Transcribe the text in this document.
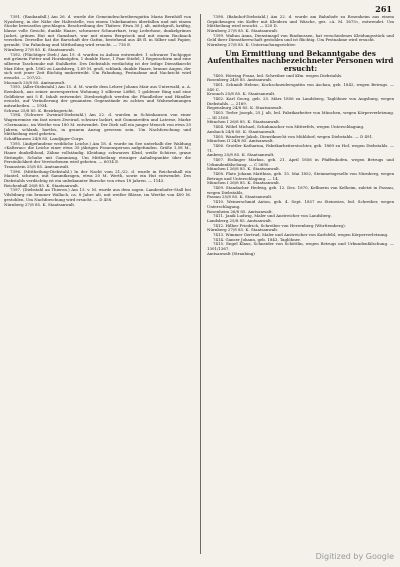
261

7391. (Raubanfall.) Am 26. d. wurde die Gemeindeschreibersgattin Maria Bernhöfl von Nyusberg, in der Nähe der Haltestelle, von einem Unbekannten überfallen und mit einem Stocke bewusstlos geschlagen. Beschreibung des Thäters: Etwa 30 J. alt, mittelgroß, kräftig, blasse volle Gesicht, dunkle Haare, schwarzer Schnurrbart, trug Lederhose, dunkelgrünes Jacket, grünen Hut mit Gamsbart, war mit einem Bergstock und mit einem Rucksack versehen. Derselbe hat die Barschaft der Gattin, bestehend aus 48 fl. in Silber und Papier, geraubt. Um Fahndung und Mittheilung wird ersucht. — 716 E.

Nürnberg 27/8 85. K. Staatsanwalt.

7392. (Flüchtiger Dieb.) Am 19. d. wurden in Aulsau entwendet: 1 schwarze Tuchjoppe mit grünem Futter und Hornknöpfen, 1 dunkle Hose, 1 Paar Stiefel, 1 Regenschirm und eine silberne Taschenuhr mit Stahlkette. Des Diebstahls verdächtig ist der ledige Dienstknecht Max Eder, geb. 1862 zu Landsberg, 1,69 M. groß, schlank, dunkle Haare, braune Augen, der sich seit jener Zeit flüchtig umhertreibt. Um Fahndung, Festnahme und Nachricht wird ersucht. — 107/22.

Moosach 25/8 85. Amtsanwalt.

7393. (Aller-Diebstahl.) Am 15. d. M. wurde dem Lehrer Johann Mair aus Unterwald, a. A. Ezenbach, aus seiner unversperrten Wohnung 3 silberne Löffel, 1 goldener Ring und eine Geldbörse mit 5 fl. Inhalt entwendet. Diesbezüglich werden die Pfandleiher und Händler ersucht, auf Veräußerung der genannten Gegenstände zu achten und Wahrnehmungen mitzutheilen. — 1934.

Schwaz 25/8 85. K. Bezirksgericht.

7394. (Schwere Zweirad-Diebstahl.) Am 22. d. wurden in Schönhausen von einer Wagenremise ein fast neues Zweirad, schwarz lackirt, mit Gummireifen und Laterne, Marke »Germania«, im Werthe von 180 M. entwendet. Der Dieb soll ein junger Mensch von etwa 20 Jahren, schlank, bartlos, in grauem Anzug gewesen sein. Um Nachforschung und Mittheilung wird gebeten.

Schaffhausen 24/8 85. Landjäger-Corps.

7395. (Aufgefundene weibliche Leiche.) Am 18. d. wurde im See unterhalb der Waldung »Kalterau« die Leiche einer etwa 35 jährigen Frauensperson aufgefunden. Größe 1,58 M., Haare dunkelblond, Zähne vollständig. Kleidung: schwarzes Kleid, weiße Schürze, graue Strümpfe, Schuhe mit Gummizug. Um Mittheilung etwaiger Anhaltspunkte über die Persönlichkeit der Verstorbenen wird gebeten. — 6014 E.

Traunstein 25/8 85. Amtsanwalt.

7396. (Mittheilung-Diebstahl.) In der Nacht vom 21./22. d. wurde in Reichenhall ein Mantel, schwarz, mit Sammtkragen, etwa 20 M. Werth, sowie ein Hut entwendet. Des Diebstahls verdächtig ist ein unbekannter Bursche von etwa 18 Jahren. — 1143.

Reichenhall 26/8 85. K. Staatsanwalt.

7397. (Diebstahl an Thieren.) Am 13. v. M. wurde aus dem sogen. Lambenhofer-Stall bei Vilsbiburg ein brauner Wallach, ca. 8 Jahre alt, mit weißer Blässe, im Werthe von 400 M. gestohlen. Um Nachforschung wird ersucht. — D 458.

Nürnberg 27/8 85. K. Staatsanwalt.

7398. (Bahnhof-Diebstahl.) Am 22. d. wurde am Bahnhofe zu Rosenheim aus einem Gepäckwagen ein Koffer mit Kleidern und Wäsche, gez. »A. M. 1675«, entwendet. Um Mittheilung wird ersucht. — 520 D.

Nürnberg 27/8 85. K. Staatsanwalt.

7399. Waltan Anna, Dienstmagd von Rindnussen, hat verschiedenes Kleidungsstück und Geld ihrer Dienstherrschaft gestohlen und ist flüchtig. Um Festnahme wird ersucht.

Nürnberg 27/8 85. K. Untersuchungsrichter.

Um Ermittlung und Bekanntgabe des Aufenthaltes nachbezeichneter Personen wird ersucht:

7400. Hörring Franz, led. Schreiber und Kfm. wegen Diebstahls.

Rosenberg 24/8 85. Amtsanwalt.

7401. Schmidt Helene, Kochschneidersgattin von Aschau, geb. 1842, wegen Betrugs. — 540 C.

Kronach 25/8 85. K. Staatsanwalt.

7402. Karl Georg, geb. 25. März 1856 zu Landsberg, Taglöhner von Augsburg, wegen Diebstahls. — 2169.

Regensburg 24/8 85. K. Staatsanwalt.

7403. Terler Joseph, 25 J. alt, led. Fabrikarbeiter von München, wegen Körperverletzung. — III 2160.

München I 26/8 85. K. Staatsanwalt.

7404. Wöhrl Michael, Schuhmacher von Mitterfels, wegen Unterschlagung.

Ansbach 24/8 85. K. Staatsanwalt.

7405. Wanderer Jakob, Dienstknecht von Mühldorf, wegen Diebstahls. — D 491.

München II 24/8 85. Amtsanwalt.

7406. Grottler Katharina, Fabrikarbeiterstochter, geb. 1869 zu Hof, wegen Diebstahls. — 71.

Amberg 25/8 85. K. Staatsanwalt.

7407. Eislinger Markus, geb. 21. April 1856 in Pfaffenhofen, wegen Betrugs und Urkundenfälschung. — C 5690.

München I 26/8 85. K. Staatsanwalt.

7408. Plate Johann Matthias, geb. 15. Mai 1852, Steinmetzgeselle von Nürnberg, wegen Betrugs und Unterschlagung. — 14.

München I 26/8 85. K. Staatsanwalt.

7409. Standacher Hedwig, geb. 12. Dez. 1870, Kellnerin von Kelheim, zuletzt in Passau, wegen Diebstahls.

Passau 25/8 85. K. Staatsanwalt.

7410. Weinerschmid Anton, geb. 4. Sept. 1857 zu Steinwies, led. Schreiber, wegen Unterschlagung.

Rosenheim 26/8 85. Amtsanwalt.

7411. Janik Ludwig, Maler und Anstreicher von Landsberg.

Landsberg 25/8 85. Amtsanwalt.

7412. Hilber Friedrich, Schreiber von Herrenberg (Württemberg).

Nürnberg 27/8 85. K. Staatsanwalt.

7413. Wimmer Gertrud, Maler und Anstreicher von Karlsfeld, wegen Körperverletzung.

7414. Ganser Johann, geb. 1843, Taglöhner.

7415. Engel Klaus, Schneider von Schöttlin, wegen Betrugs und Urkundenfälschung. — 1301/1367.

Amtsanwalt (Straubing)

Digitized by Google
